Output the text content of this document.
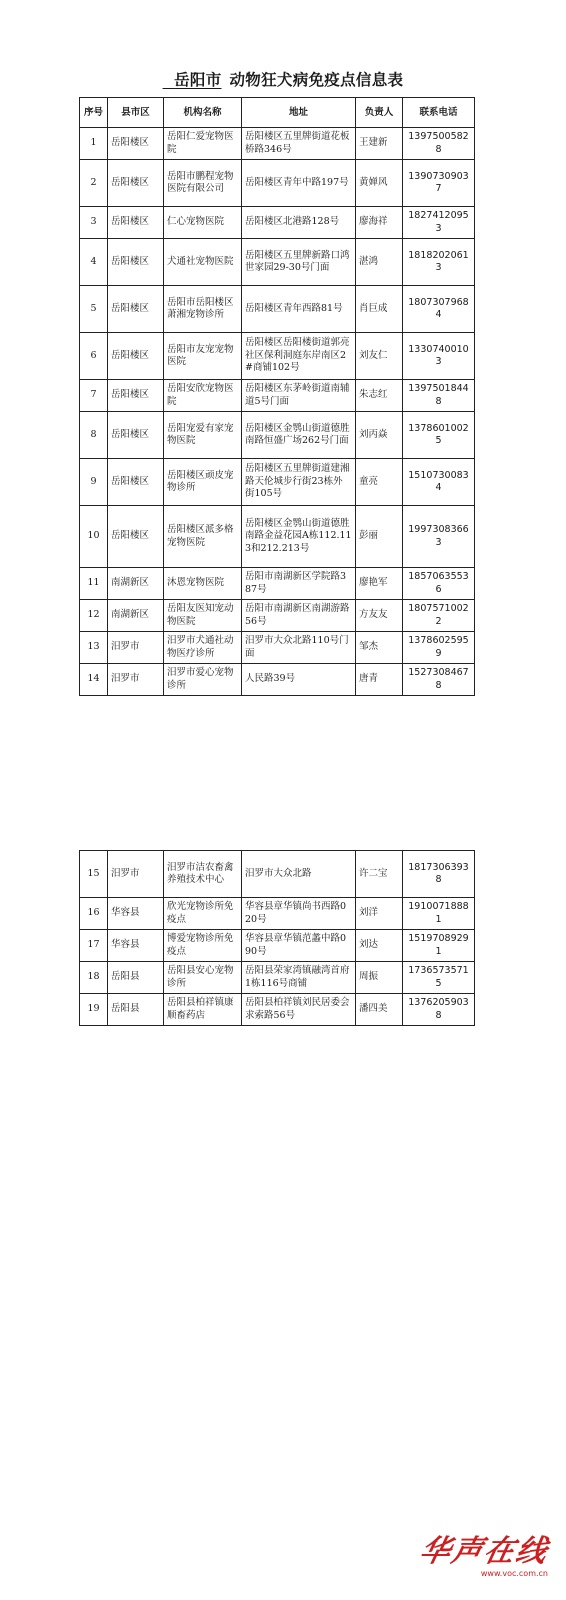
岳阳市 动物狂犬病免疫点信息表
序号	县市区	机构名称	地址	负责人	联系电话
1	岳阳楼区	岳阳仁爱宠物医院	岳阳楼区五里牌街道花板桥路346号	王建新	13975005828
2	岳阳楼区	岳阳市鹏程宠物医院有限公司	岳阳楼区青年中路197号	黄婵风	13907309037
3	岳阳楼区	仁心宠物医院	岳阳楼区北港路128号	廖海祥	18274120953
4	岳阳楼区	犬通社宠物医院	岳阳楼区五里牌新路口鸿世家园29-30号门面	湛鸿	18182020613
5	岳阳楼区	岳阳市岳阳楼区萧湘宠物诊所	岳阳楼区青年西路81号	肖巨成	18073079684
6	岳阳楼区	岳阳市友宠宠物医院	岳阳楼区岳阳楼街道郭亮社区保利洞庭东岸南区2#商铺102号	刘友仁	13307400103
7	岳阳楼区	岳阳安欣宠物医院	岳阳楼区东茅岭街道南辅道5号门面	朱志红	13975018448
8	岳阳楼区	岳阳宠爱有家宠物医院	岳阳楼区金鹗山街道德胜南路恒盛广场262号门面	刘丙焱	13786010025
9	岳阳楼区	岳阳楼区顽皮宠物诊所	岳阳楼区五里牌街道建湘路天伦城步行街23栋外街105号	童亮	15107300834
10	岳阳楼区	岳阳楼区派多格宠物医院	岳阳楼区金鹗山街道德胜南路金益花园A栋112.113和212.213号	彭丽	19973083663
11	南湖新区	沐恩宠物医院	岳阳市南湖新区学院路387号	廖艳军	18570635536
12	南湖新区	岳阳友医知宠动物医院	岳阳市南湖新区南湖游路56号	方友友	18075710022
13	汨罗市	汨罗市犬通社动物医疗诊所	汨罗市大众北路110号门面	邹杰	13786025959
14	汨罗市	汨罗市爱心宠物诊所	人民路39号	唐青	15273084678
15	汨罗市	汨罗市洁农畜禽养殖技术中心	汨罗市大众北路	许二宝	18173063938
16	华容县	欣光宠物诊所免疫点	华容县章华镇尚书西路020号	刘洋	19100718881
17	华容县	博爱宠物诊所免疫点	华容县章华镇范蠡中路090号	刘达	15197089291
18	岳阳县	岳阳县安心宠物诊所	岳阳县荣家湾镇融湾首府1栋116号商铺	周振	17365735715
19	岳阳县	岳阳县柏祥镇康顺畜药店	岳阳县柏祥镇刘民居委会求索路56号	潘四美	13762059038
华声在线
www.voc.com.cn
